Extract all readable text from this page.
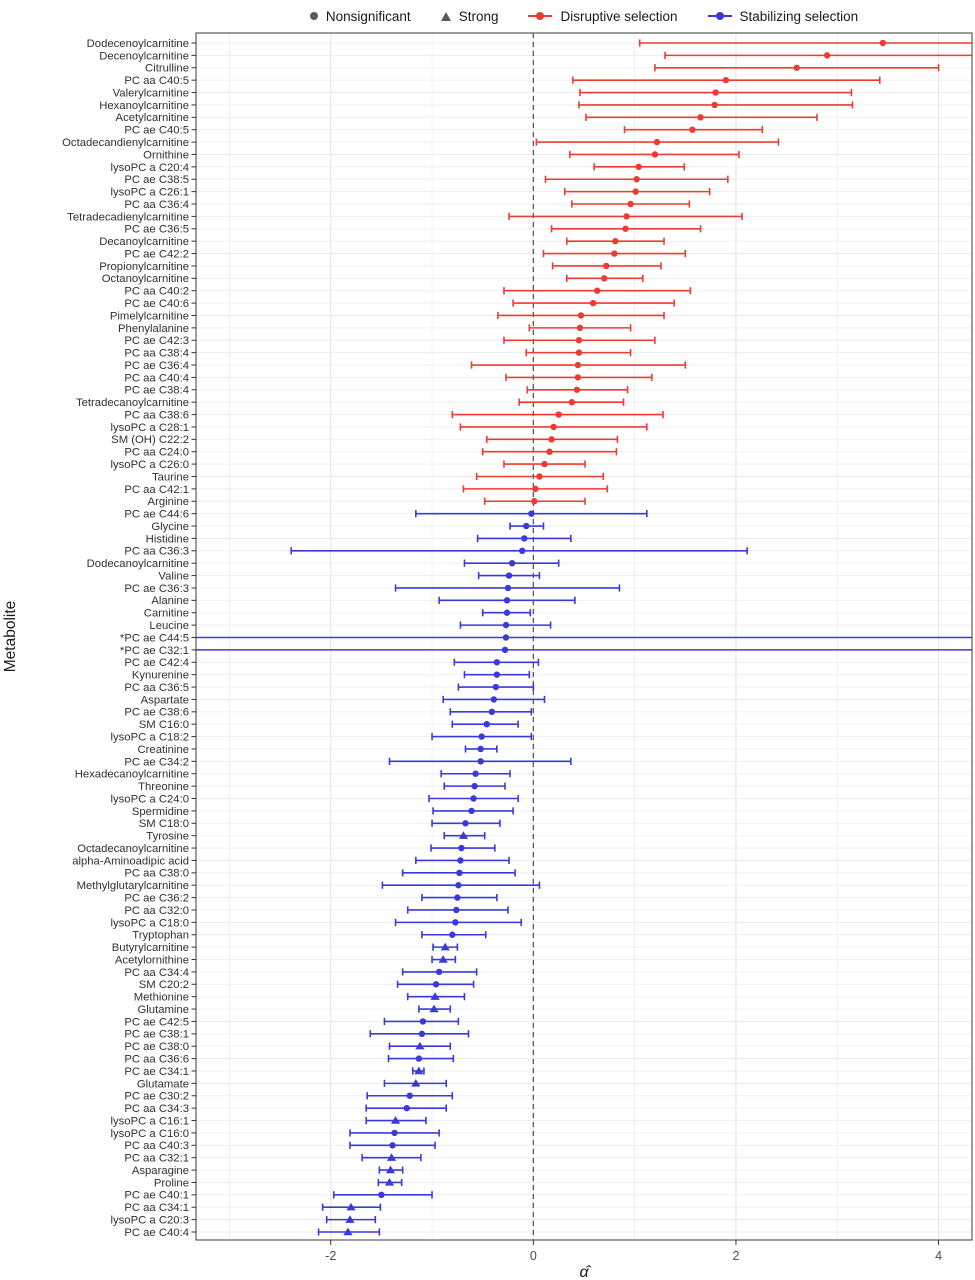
Nonsignificant	Strong	Disruptive selection	Stabilizing selection
Dodecenoylcarnitine
Decenoylcarnitine
Citrulline
PC aa C40:5
Valerylcarnitine
Hexanoylcarnitine
Acetylcarnitine
PC ae C40:5
Octadecandienylcarnitine
Ornithine
lysoPC a C20:4
PC ae C38:5
lysoPC a C26:1
PC aa C36:4
Tetradecadienylcarnitine
PC ae C36:5
Decanoylcarnitine
PC ae C42:2
Propionylcarnitine
Octanoylcarnitine
PC aa C40:2
PC ae C40:6
Pimelylcarnitine
Phenylalanine
PC ae C42:3
PC aa C38:4
PC ae C36:4
PC aa C40:4
PC ae C38:4
Tetradecanoylcarnitine
PC aa C38:6
lysoPC a C28:1
SM (OH) C22:2
PC aa C24:0
lysoPC a C26:0
Taurine
PC aa C42:1
Arginine
PC ae C44:6
Glycine
Histidine
PC aa C36:3
Dodecanoylcarnitine
Valine
PC ae C36:3
Alanine
Carnitine
Leucine
*PC ae C44:5
*PC ae C32:1
PC ae C42:4
Kynurenine
PC aa C36:5
Aspartate
PC ae C38:6
SM C16:0
lysoPC a C18:2
Creatinine
PC ae C34:2
Hexadecanoylcarnitine
Threonine
lysoPC a C24:0
Spermidine
SM C18:0
Tyrosine
Octadecanoylcarnitine
alpha-Aminoadipic acid
PC aa C38:0
Methylglutarylcarnitine
PC ae C36:2
PC aa C32:0
lysoPC a C18:0
Tryptophan
Butyrylcarnitine
Acetylornithine
PC aa C34:4
SM C20:2
Methionine
Glutamine
PC ae C42:5
PC ae C38:1
PC ae C38:0
PC aa C36:6
PC ae C34:1
Glutamate
PC ae C30:2
PC aa C34:3
lysoPC a C16:1
lysoPC a C16:0
PC aa C40:3
PC aa C32:1
Asparagine
Proline
PC ae C40:1
PC aa C34:1
lysoPC a C20:3
PC ae C40:4
-2	0	2	4
α̂
Metabolite
